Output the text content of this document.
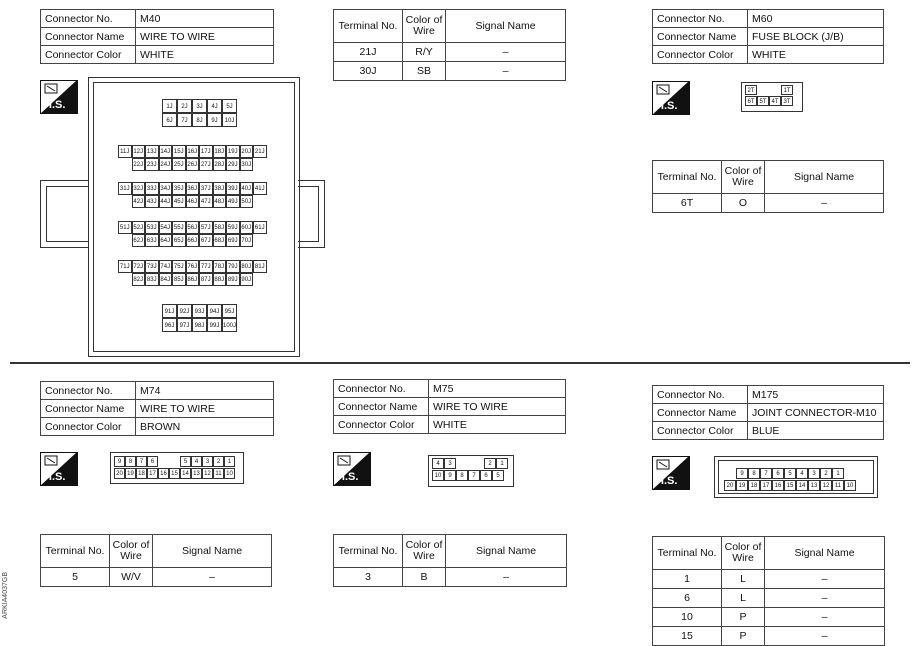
Connector No.	M40
Connector Name	WIRE TO WIRE
Connector Color	WHITE
Terminal No.	Color of Wire	Signal Name
21J	R/Y	–
30J	SB	–
H.S.	1J	2J	3J	4J	5J
6J	7J	8J	9J	10J
11J 12J 13J 14J 15J 16J 17J 18J 19J 20J 21J
22J 23J 24J 25J 26J 27J 28J 29J 30J
31J 32J 33J 34J 35J 36J 37J 38J 39J 40J 41J
42J 43J 44J 45J 46J 47J 48J 49J 50J
51J 52J 53J 54J 55J 56J 57J 58J 59J 60J 61J
62J 63J 64J 65J 66J 67J 68J 69J 70J
71J 72J 73J 74J 75J 76J 77J 78J 79J 80J 81J
82J 83J 84J 85J 86J 87J 88J 89J 90J
91J 92J 93J 94J 95J
96J 97J 98J 99J 100J
Connector No.	M60
Connector Name	FUSE BLOCK (J/B)
Connector Color	WHITE
H.S.
2T	1T
6T 5T 4T 3T
Terminal No.	Color of Wire	Signal Name
6T	O	–
Connector No.	M74
Connector Name	WIRE TO WIRE
Connector Color	BROWN
H.S.
9	8	7	6	5	4	3	2	1
20 19 18 17 16 15 14 13 12 11 10
Terminal No.	Color of Wire	Signal Name
5	W/V	–
Connector No.	M75
Connector Name	WIRE TO WIRE
Connector Color	WHITE
H.S.
4	3	2	1
10	9	8	7	6	5
Terminal No.	Color of Wire	Signal Name
3	B	–
Connector No.	M175
Connector Name	JOINT CONNECTOR-M10
Connector Color	BLUE
H.S.
9	8	7	6	5	4	3	2	1
20 19 18 17 16 15 14 13 12 11 10
Terminal No.	Color of Wire	Signal Name
1	L	–
6	L	–
10	P	–
15	P	–
ARKIA4037GB
